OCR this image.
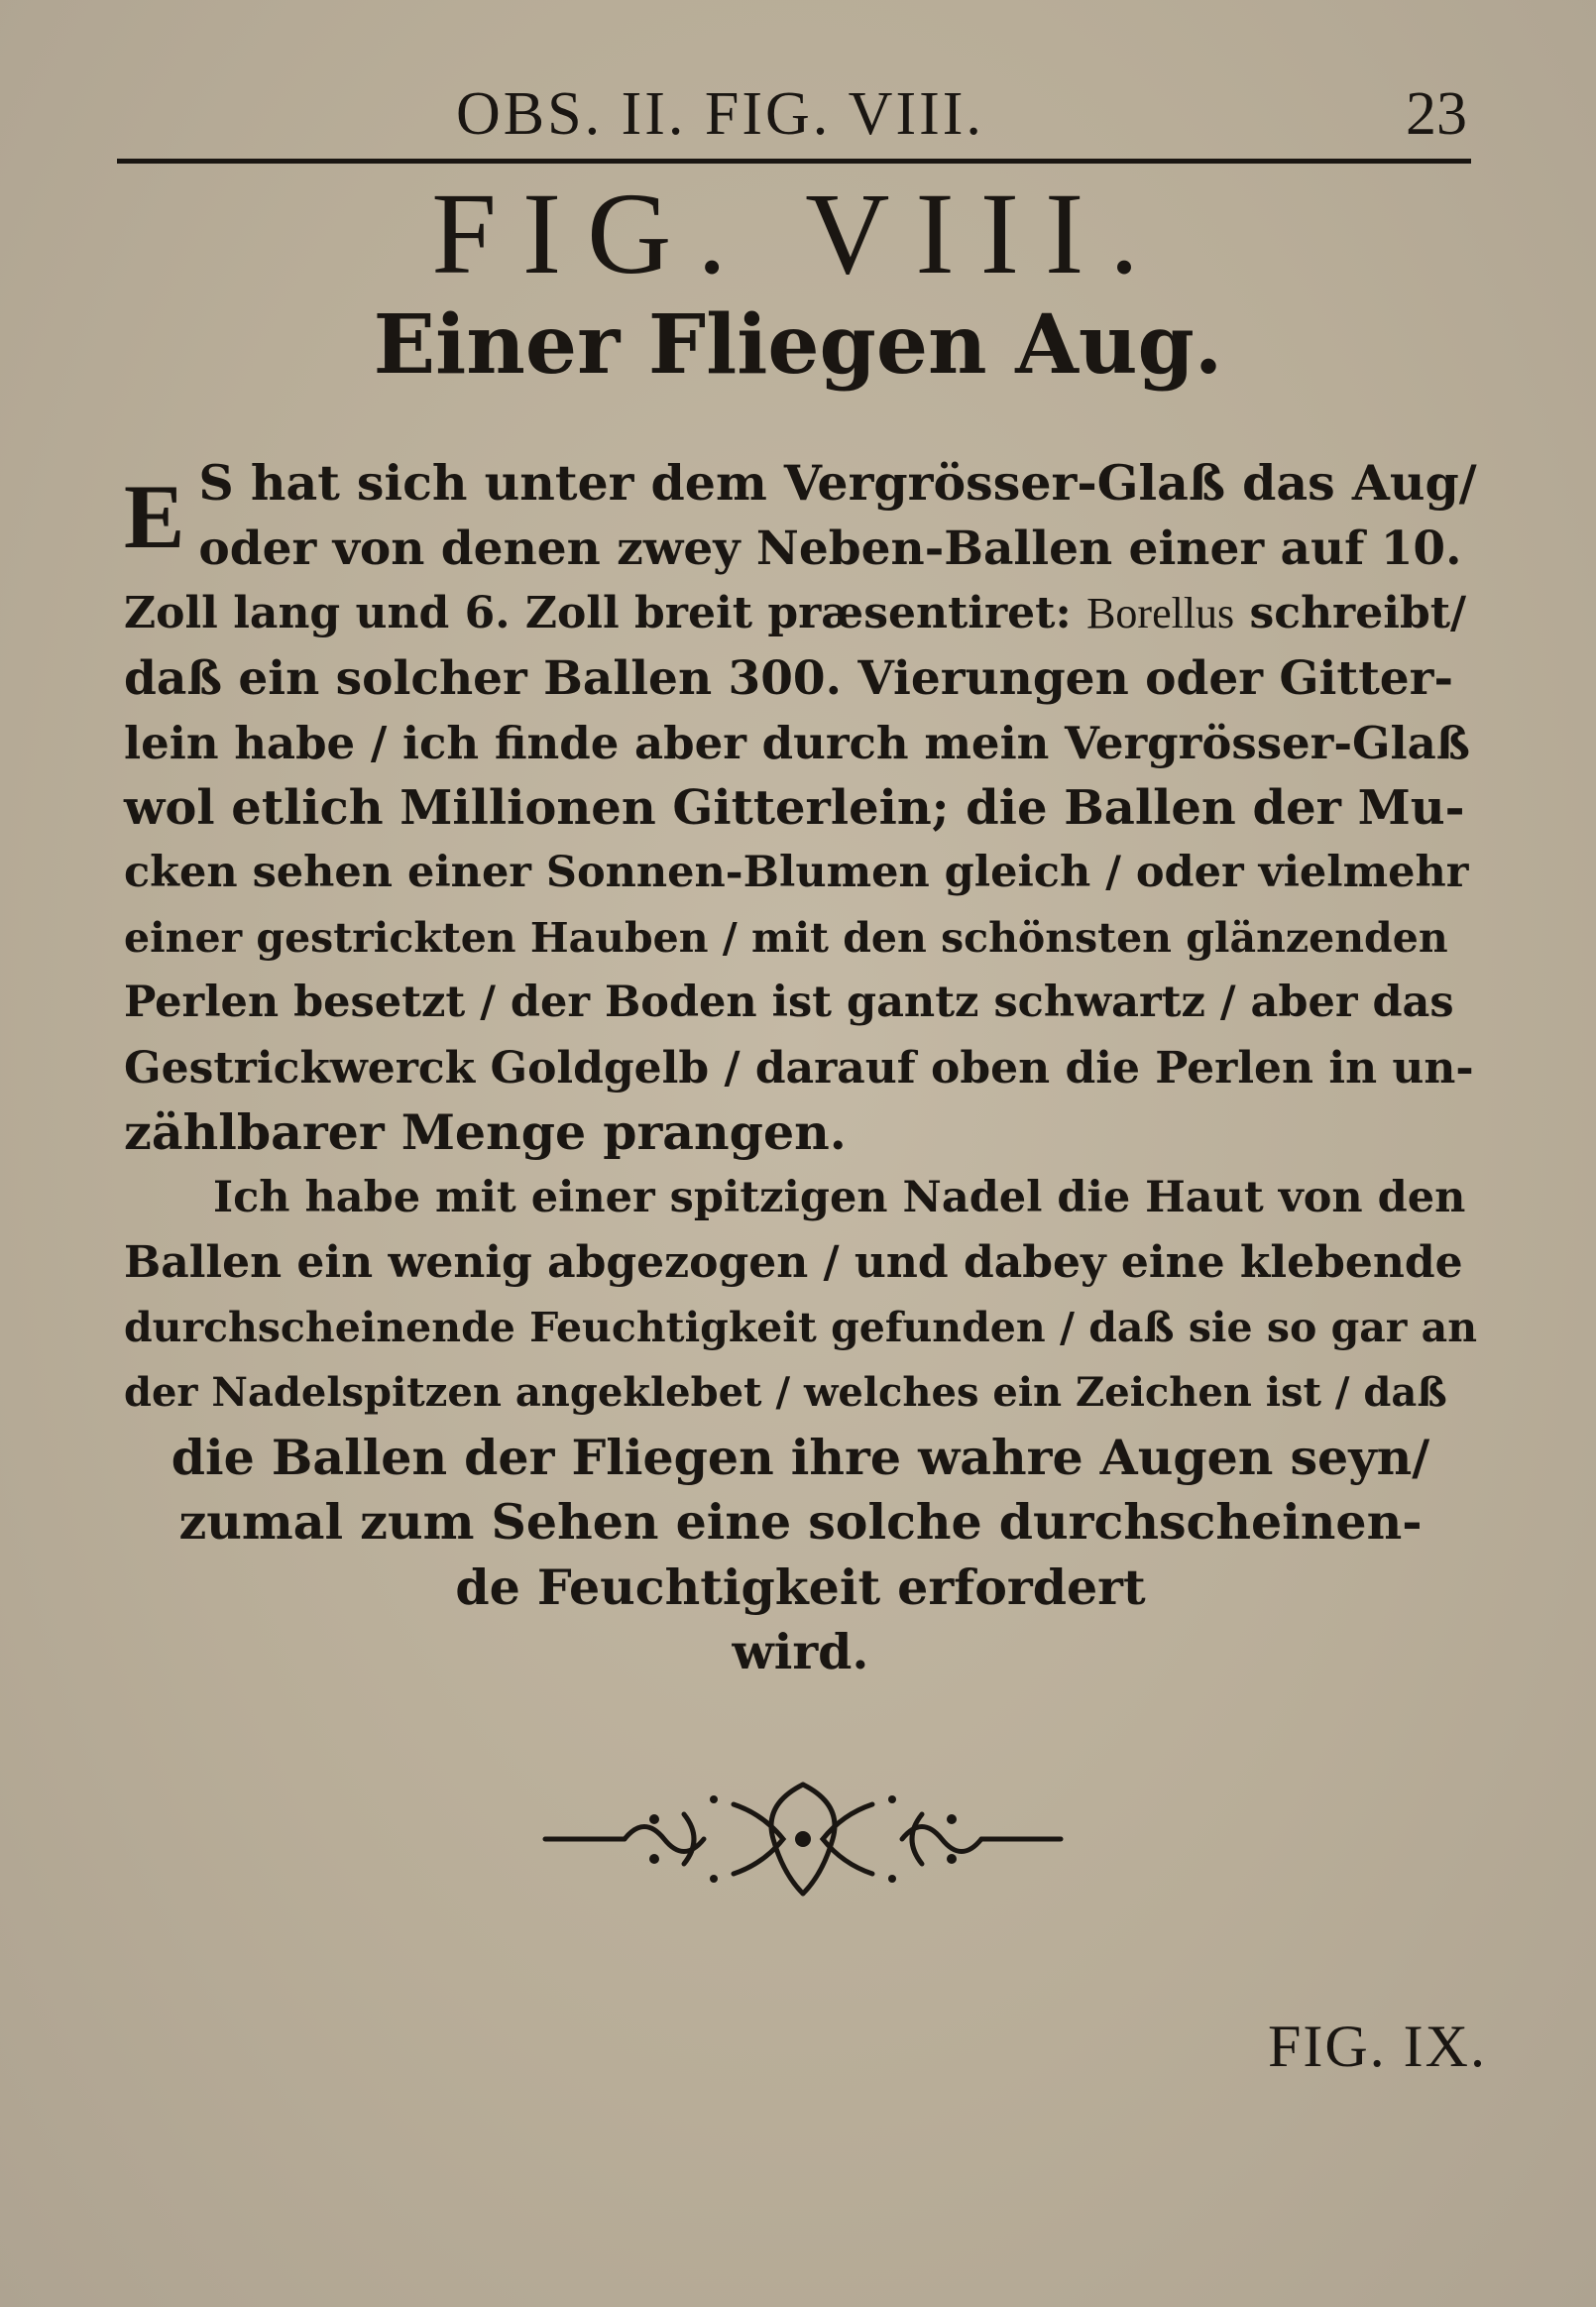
OBS. II. FIG. VIII.	23
FIG. VIII.
Einer Fliegen Aug.
E S hat sich unter dem Vergrösser-Glaß das Aug/
oder von denen zwey Neben-Ballen einer auf 10.
Zoll lang und 6. Zoll breit præsentiret: Borellus schreibt/
daß ein solcher Ballen 300. Vierungen oder Gitter-
lein habe / ich finde aber durch mein Vergrösser-Glaß
wol etlich Millionen Gitterlein; die Ballen der Mu-
cken sehen einer Sonnen-Blumen gleich / oder vielmehr
einer gestrickten Hauben / mit den schönsten glänzenden
Perlen besetzt / der Boden ist gantz schwartz / aber das
Gestrickwerck Goldgelb / darauf oben die Perlen in un-
zählbarer Menge prangen.
Ich habe mit einer spitzigen Nadel die Haut von den
Ballen ein wenig abgezogen / und dabey eine klebende
durchscheinende Feuchtigkeit gefunden / daß sie so gar an
der Nadelspitzen angeklebet / welches ein Zeichen ist / daß
die Ballen der Fliegen ihre wahre Augen seyn/
zumal zum Sehen eine solche durchscheinen-
de Feuchtigkeit erfordert
wird.
FIG. IX.
